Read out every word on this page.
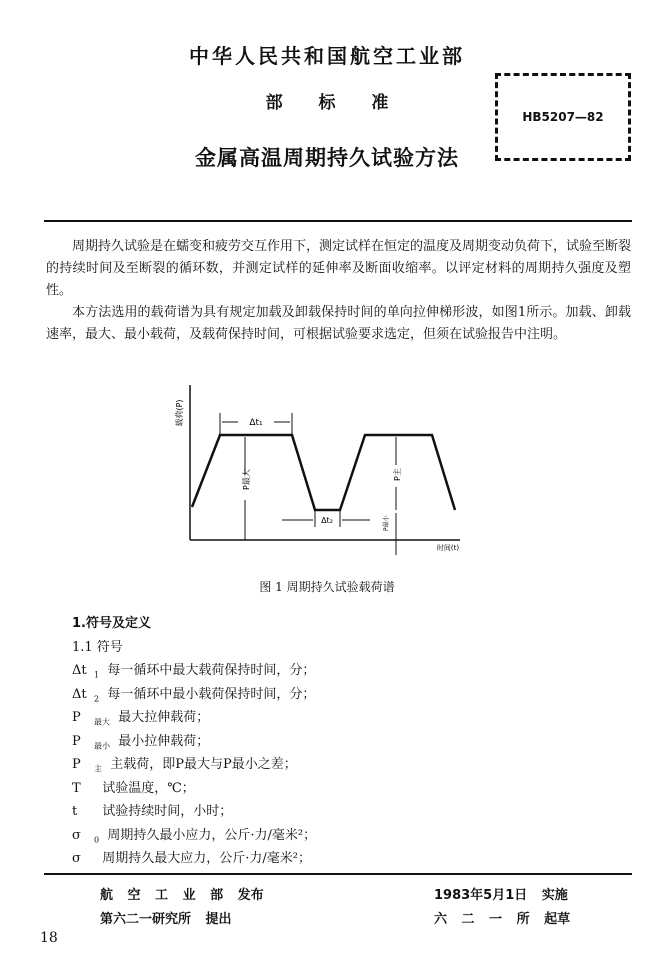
中华人民共和国航空工业部
部 标 准
金属高温周期持久试验方法
HB5207—82
周期持久试验是在蠕变和疲劳交互作用下，测定试样在恒定的温度及周期变动负荷下，试验至断裂的持续时间及至断裂的循环数，并测定试样的延伸率及断面收缩率。以评定材料的周期持久强度及塑性。
本方法选用的载荷谱为具有规定加载及卸载保持时间的单向拉伸梯形波，如图1所示。加载、卸载速率，最大、最小载荷，及载荷保持时间，可根据试验要求选定，但须在试验报告中注明。
载荷(P)
时间(t)
Δt₁
P最大
Δt₂
P主
P最小
图 1 周期持久试验载荷谱
1.符号及定义
1.1 符号
Δt $_1$ 每一循环中最大载荷保持时间，分；
Δt $_2$ 每一循环中最小载荷保持时间，分；
P $_{最大}$ 最大拉伸载荷；
P $_{最小}$ 最小拉伸载荷；
P $_主$ 主载荷，即P最大与P最小之差；
T 试验温度，℃；
t 试验持续时间，小时；
σ $_0$ 周期持久最小应力，公斤·力/毫米²；
σ 周期持久最大应力，公斤·力/毫米²；
航 空 工 业 部 发布
第六二一研究所 提出
1983年5月1日 实施
六 二 一 所 起草
18
